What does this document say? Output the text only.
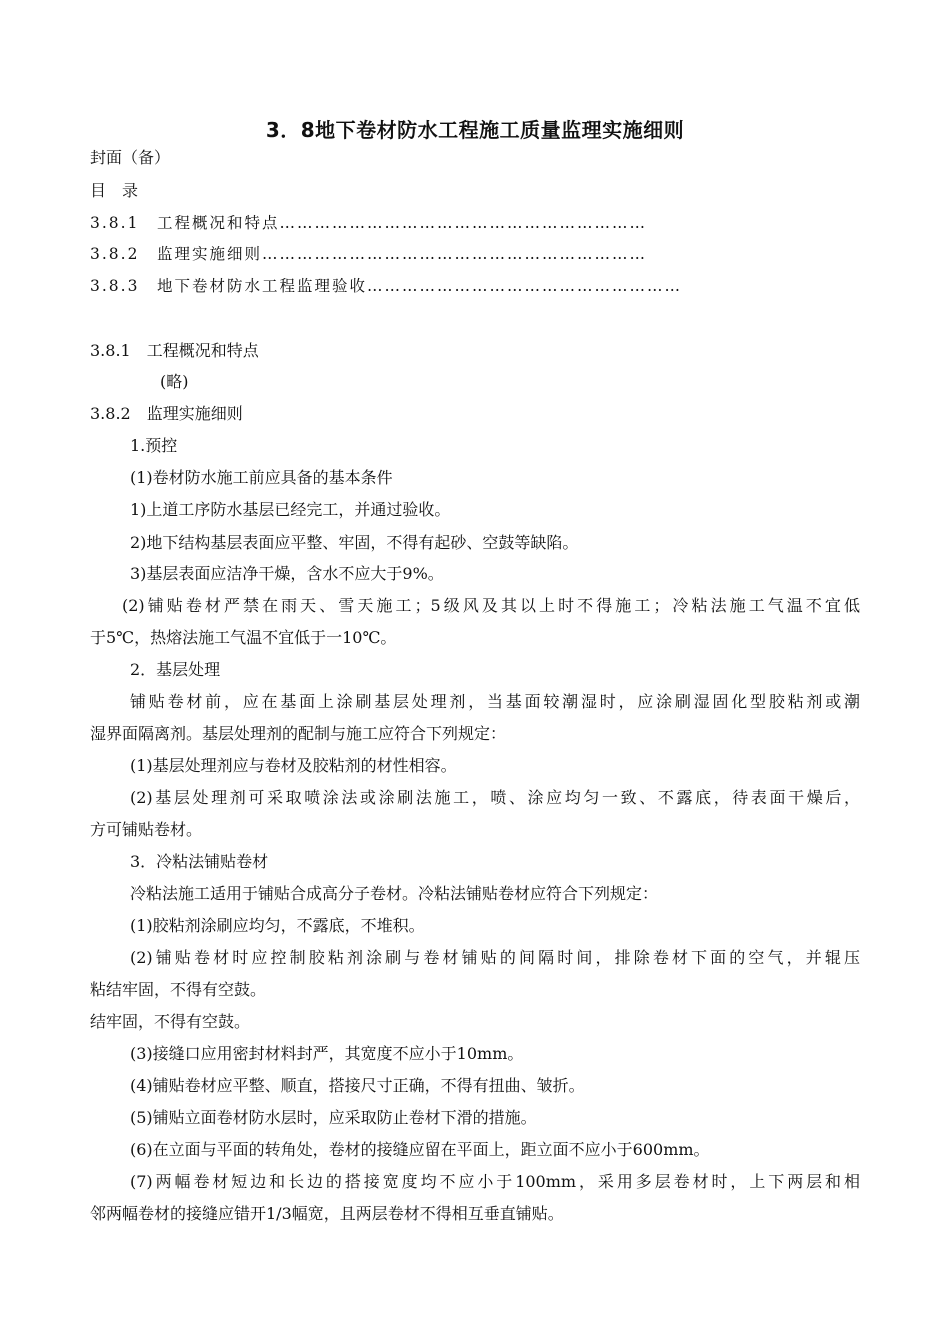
3．8地下卷材防水工程施工质量监理实施细则
封面（备）
目　录
3.8.1　工程概况和特点………………………………………………………
3.8.2　监理实施细则…………………………………………………………
3.8.3　地下卷材防水工程监理验收………………………………………………
3.8.1　工程概况和特点
(略)
3.8.2　监理实施细则
1.预控
(1)卷材防水施工前应具备的基本条件
1)上道工序防水基层已经完工，并通过验收。
2)地下结构基层表面应平整、牢固，不得有起砂、空鼓等缺陷。
3)基层表面应洁净干燥，含水不应大于9%。
(2)铺贴卷材严禁在雨天、雪天施工；5级风及其以上时不得施工；冷粘法施工气温不宜低
于5℃，热熔法施工气温不宜低于一10℃。
2．基层处理
铺贴卷材前，应在基面上涂刷基层处理剂，当基面较潮湿时，应涂刷湿固化型胶粘剂或潮
湿界面隔离剂。基层处理剂的配制与施工应符合下列规定：
(1)基层处理剂应与卷材及胶粘剂的材性相容。
(2)基层处理剂可采取喷涂法或涂刷法施工，喷、涂应均匀一致、不露底，待表面干燥后，
方可铺贴卷材。
3．冷粘法铺贴卷材
冷粘法施工适用于铺贴合成高分子卷材。冷粘法铺贴卷材应符合下列规定：
(1)胶粘剂涂刷应均匀，不露底，不堆积。
(2)铺贴卷材时应控制胶粘剂涂刷与卷材铺贴的间隔时间，排除卷材下面的空气，并辊压
粘结牢固，不得有空鼓。
结牢固，不得有空鼓。
(3)接缝口应用密封材料封严，其宽度不应小于10mm。
(4)铺贴卷材应平整、顺直，搭接尺寸正确，不得有扭曲、皱折。
(5)铺贴立面卷材防水层时，应采取防止卷材下滑的措施。
(6)在立面与平面的转角处，卷材的接缝应留在平面上，距立面不应小于600mm。
(7)两幅卷材短边和长边的搭接宽度均不应小于100mm，采用多层卷材时，上下两层和相
邻两幅卷材的接缝应错开1/3幅宽，且两层卷材不得相互垂直铺贴。
